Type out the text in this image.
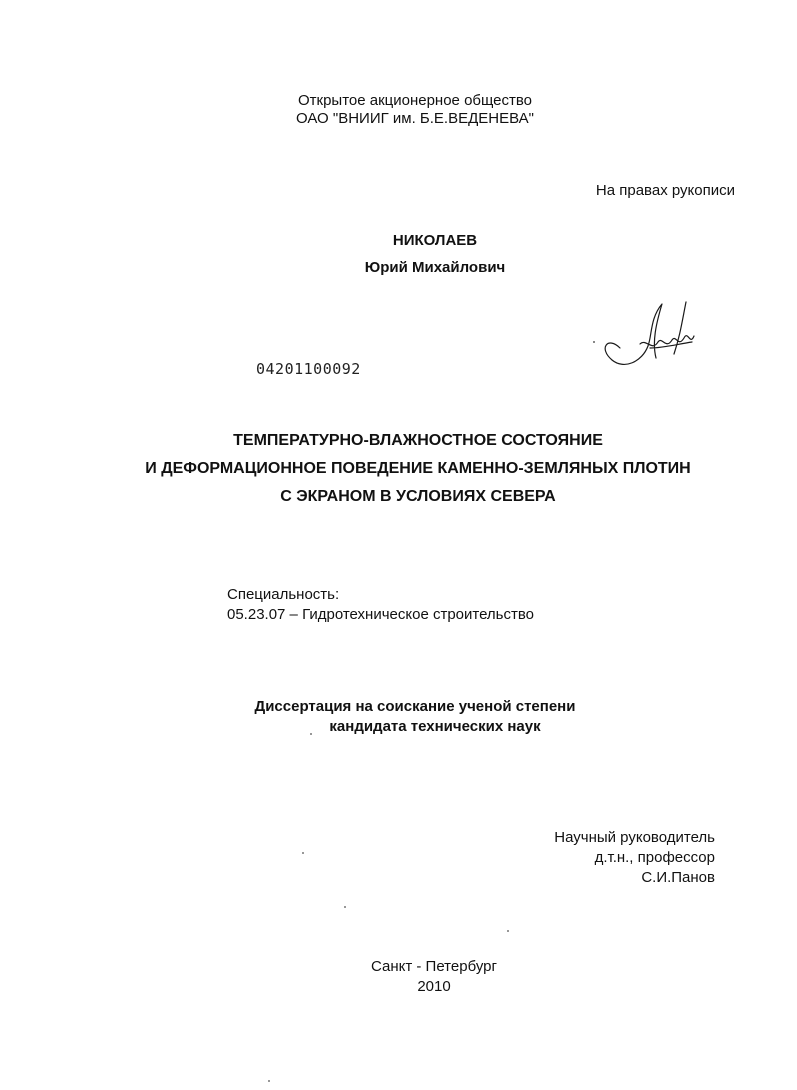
Открытое акционерное общество
ОАО "ВНИИГ им. Б.Е.ВЕДЕНЕВА"
На правах рукописи
НИКОЛАЕВ
Юрий Михайлович
04201100092
ТЕМПЕРАТУРНО-ВЛАЖНОСТНОЕ СОСТОЯНИЕ
И ДЕФОРМАЦИОННОЕ ПОВЕДЕНИЕ КАМЕННО-ЗЕМЛЯНЫХ ПЛОТИН
С ЭКРАНОМ В УСЛОВИЯХ СЕВЕРА
Специальность:
05.23.07 – Гидротехническое строительство
Диссертация на соискание ученой степени
кандидата технических наук
Научный руководитель
д.т.н., профессор
С.И.Панов
Санкт - Петербург
2010
